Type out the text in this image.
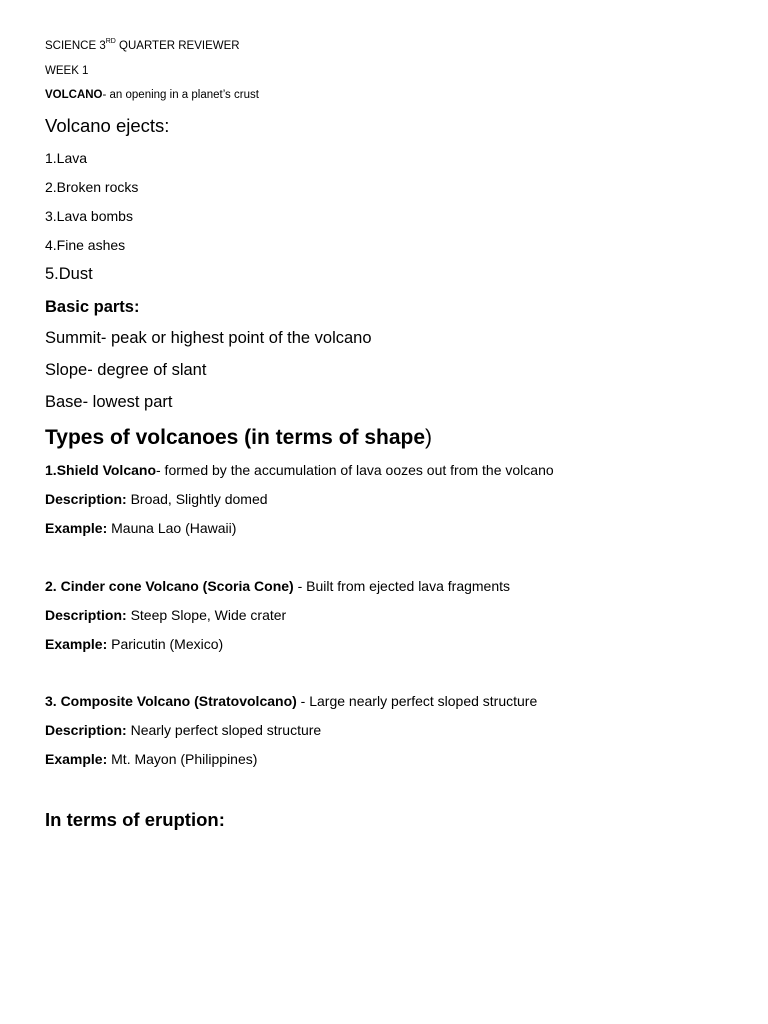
SCIENCE 3RD QUARTER REVIEWER
WEEK 1
VOLCANO- an opening in a planet’s crust
Volcano ejects:
1.Lava
2.Broken rocks
3.Lava bombs
4.Fine ashes
5.Dust
Basic parts:
Summit- peak or highest point of the volcano
Slope- degree of slant
Base- lowest part
Types of volcanoes (in terms of shape)
1.Shield Volcano- formed by the accumulation of lava oozes out from the volcano
Description: Broad, Slightly domed
Example: Mauna Lao (Hawaii)
2. Cinder cone Volcano (Scoria Cone) - Built from ejected lava fragments
Description: Steep Slope, Wide crater
Example: Paricutin (Mexico)
3. Composite Volcano (Stratovolcano) - Large nearly perfect sloped structure
Description: Nearly perfect sloped structure
Example: Mt. Mayon (Philippines)
In terms of eruption:
